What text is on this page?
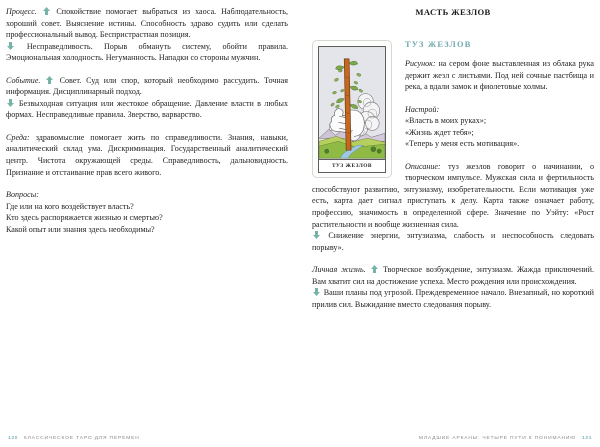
Процесс. Спокойствие помогает выбраться из хаоса. Наблюдательность, хороший совет. Выяснение истины. Способность здраво судить или сделать профессиональный вывод. Беспристрастная позиция.

Несправедливость. Порыв обмануть систему, обойти правила. Эмоциональная холодность. Негуманность. Нападки со стороны мужчин.

Событие. Совет. Суд или спор, который необходимо рассудить. Точная информация. Дисциплинарный подход.

Безвыходная ситуация или жестокое обращение. Давление власти в любых формах. Несправедливые правила. Зверство, варварство.

Среда: здравомыслие помогает жить по справедливости. Знания, навыки, аналитический склад ума. Дискриминация. Государственный аналитический центр. Чистота окружающей среды. Справедливость, дальновидность. Признание и отстаивание прав всего живого.

Вопросы:
Где или на кого воздействует власть?
Кто здесь распоряжается жизнью и смертью?
Какой опыт или знания здесь необходимы?

120 КЛАССИЧЕСКОЕ ТАРО ДЛЯ ПЕРЕМЕН
МАСТЬ ЖЕЗЛОВ
ТУЗ ЖЕЗЛОВ
ТУЗ ЖЕЗЛОВ

Рисунок: на сером фоне выставленная из облака рука держит жезл с листьями. Под ней сочные пастбища и река, а вдали замок и фиолетовые холмы.

Настрой:
«Власть в моих руках»;
«Жизнь ждет тебя»;
«Теперь у меня есть мотивация».

Описание: туз жезлов говорит о начинании, о творческом импульсе. Мужская сила и фертильность способствуют развитию, энтузиазму, изобретательности. Если мотивация уже есть, карта дает сигнал приступать к делу. Карта также означает работу, профессию, значимость в определенной сфере. Значение по Уэйту: «Рост растительности и вообще жизненная сила.

Снижение энергии, энтузиазма, слабость и неспособность следовать порыву».

Личная жизнь. Творческое возбуждение, энтузиазм. Жажда приключений. Вам хватит сил на достижение успеха. Место рождения или происхождения.

Ваши планы под угрозой. Преждевременное начало. Внезапный, но короткий прилив сил. Выжидание вместо следования порыву.

МЛАДШИЕ АРКАНЫ: ЧЕТЫРЕ ПУТИ К ПОНИМАНИЮ 121
